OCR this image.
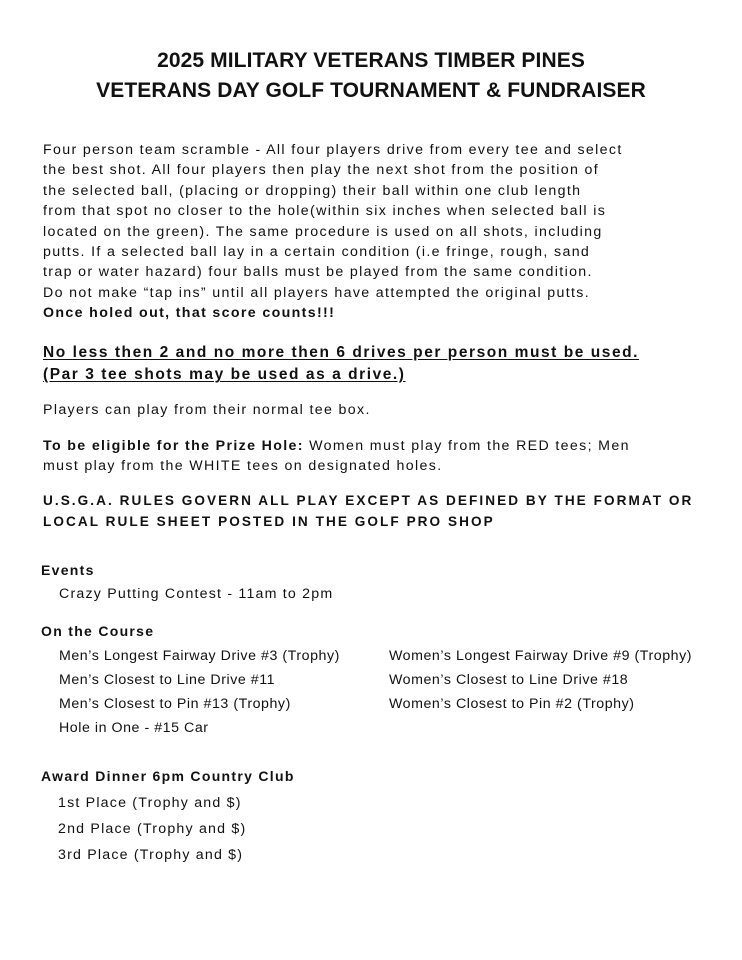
2025 MILITARY VETERANS TIMBER PINES
VETERANS DAY GOLF TOURNAMENT & FUNDRAISER
Four person team scramble - All four players drive from every tee and select
the best shot. All four players then play the next shot from the position of
the selected ball, (placing or dropping) their ball within one club length
from that spot no closer to the hole(within six inches when selected ball is
located on the green). The same procedure is used on all shots, including
putts. If a selected ball lay in a certain condition (i.e fringe, rough, sand
trap or water hazard) four balls must be played from the same condition.
Do not make “tap ins” until all players have attempted the original putts.
Once holed out, that score counts!!!
No less then 2 and no more then 6 drives per person must be used.
(Par 3 tee shots may be used as a drive.)

Players can play from their normal tee box.

To be eligible for the Prize Hole: Women must play from the RED tees; Men
must play from the WHITE tees on designated holes.

U.S.G.A. RULES GOVERN ALL PLAY EXCEPT AS DEFINED BY THE FORMAT OR
LOCAL RULE SHEET POSTED IN THE GOLF PRO SHOP
Events

Crazy Putting Contest - 11am to 2pm

On the Course

Men’s Longest Fairway Drive #3 (Trophy)

Men’s Closest to Line Drive #11

Men’s Closest to Pin #13 (Trophy)

Hole in One - #15 Car

Women’s Longest Fairway Drive #9 (Trophy)

Women’s Closest to Line Drive #18

Women’s Closest to Pin #2 (Trophy)

Award Dinner 6pm Country Club

1st Place (Trophy and $)

2nd Place (Trophy and $)

3rd Place (Trophy and $)
